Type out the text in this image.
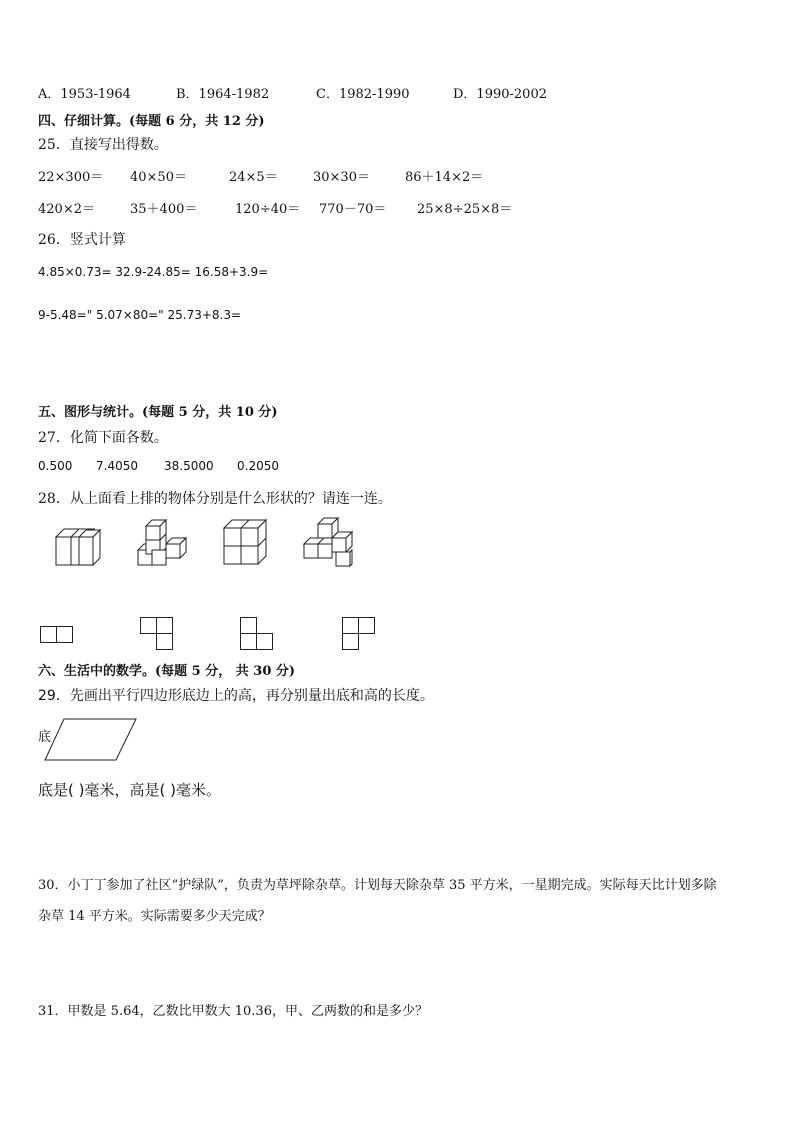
A．1953-1964	B．1964-1982	C．1982-1990	D．1990-2002
四、仔细计算。(每题 6 分，共 12 分)
25．直接写出得数。
22×300＝ 40×50＝	24×5＝	30×30＝	86＋14×2＝
420×2＝	35＋400＝	120÷40＝ 770－70＝ 25×8÷25×8＝
26．竖式计算
4.85×0.73= 32.9-24.85= 16.58+3.9=
9-5.48=" 5.07×80=" 25.73+8.3=
五、图形与统计。(每题 5 分，共 10 分)
27．化简下面各数。
0.500 7.4050 38.5000 0.2050
28．从上面看上排的物体分别是什么形状的？请连一连。
六、生活中的数学。(每题 5 分， 共 30 分)
29．先画出平行四边形底边上的高，再分别量出底和高的长度。
底
底是( )毫米，高是( )毫米。
30．小丁丁参加了社区“护绿队”，负责为草坪除杂草。计划每天除杂草 35 平方米，一星期完成。实际每天比计划多除
杂草 14 平方米。实际需要多少天完成？
31．甲数是 5.64，乙数比甲数大 10.36，甲、乙两数的和是多少？
